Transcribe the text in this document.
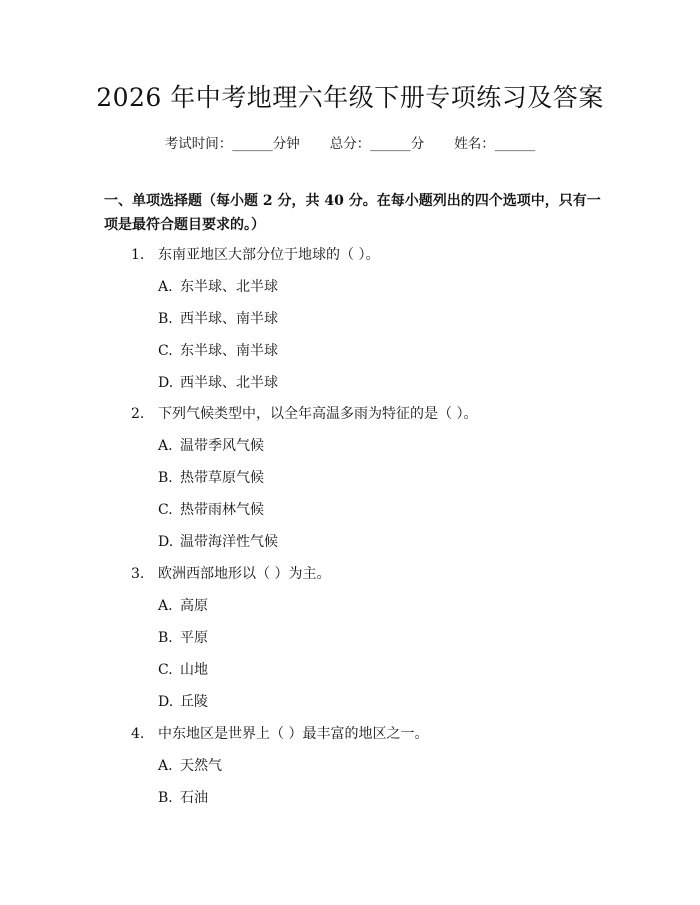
2026 年中考地理六年级下册专项练习及答案
考试时间：______分钟 总分：______分 姓名：______
一、单项选择题（每小题 2 分，共 40 分。在每小题列出的四个选项中，只有一项是最符合题目要求的。）
1. 东南亚地区大部分位于地球的（ ）。
A. 东半球、北半球
B. 西半球、南半球
C. 东半球、南半球
D. 西半球、北半球
2. 下列气候类型中，以全年高温多雨为特征的是（ ）。
A. 温带季风气候
B. 热带草原气候
C. 热带雨林气候
D. 温带海洋性气候
3. 欧洲西部地形以（ ）为主。
A. 高原
B. 平原
C. 山地
D. 丘陵
4. 中东地区是世界上（ ）最丰富的地区之一。
A. 天然气
B. 石油
